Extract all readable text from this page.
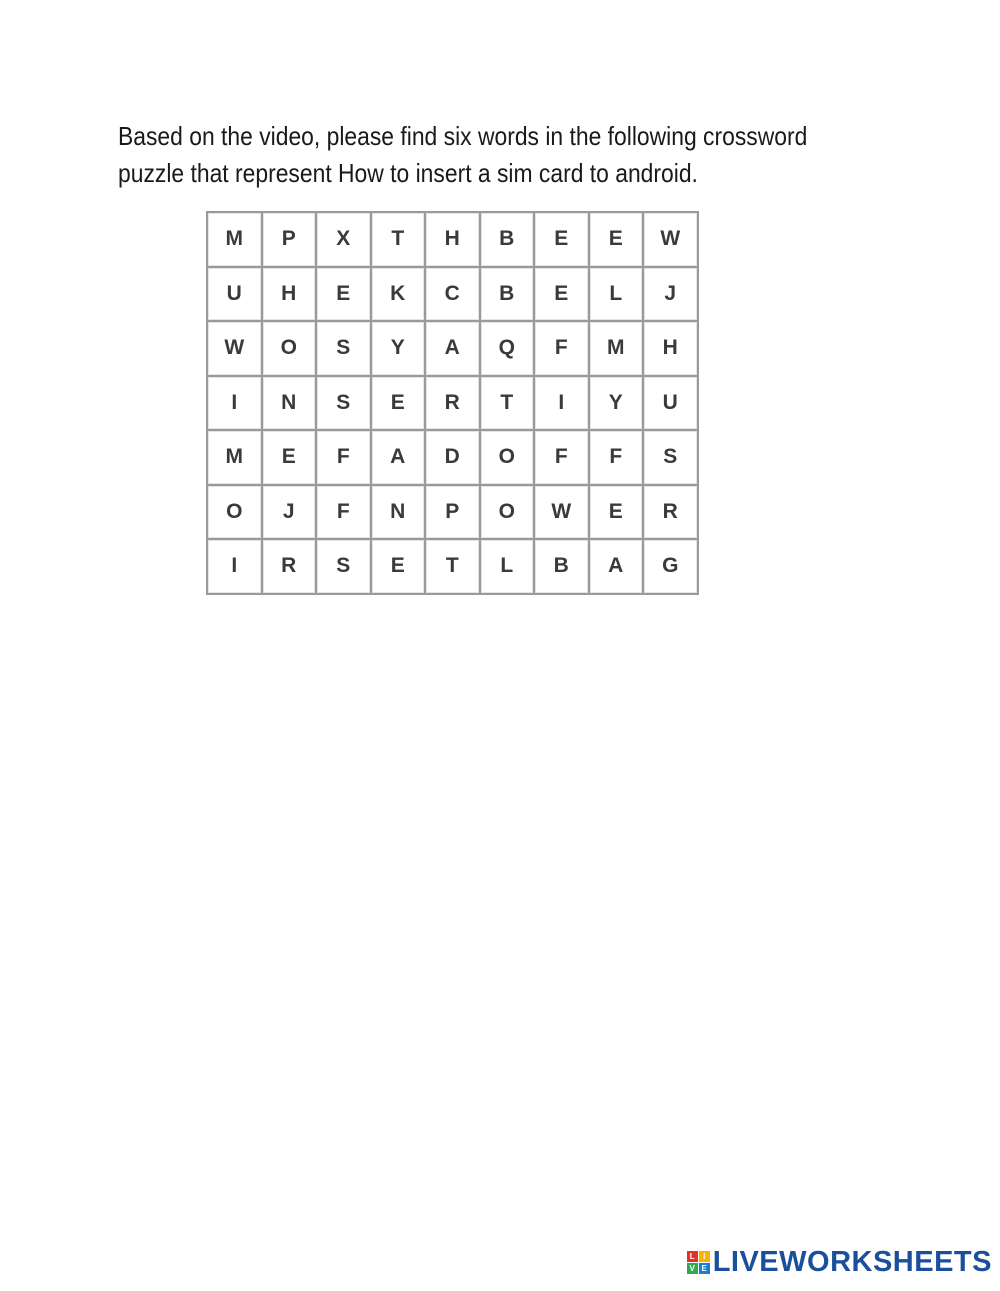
Based on the video, please find six words in the following crossword
puzzle that represent How to insert a sim card to android.
M	P	X	T	H	B	E	E	W
U	H	E	K	C	B	E	L	J
W	O	S	Y	A	Q	F	M	H
I	N	S	E	R	T	I	Y	U
M	E	F	A	D	O	F	F	S
O	J	F	N	P	O	W	E	R
I	R	S	E	T	L	B	A	G
L	I
V E LIVEWORKSHEETS
